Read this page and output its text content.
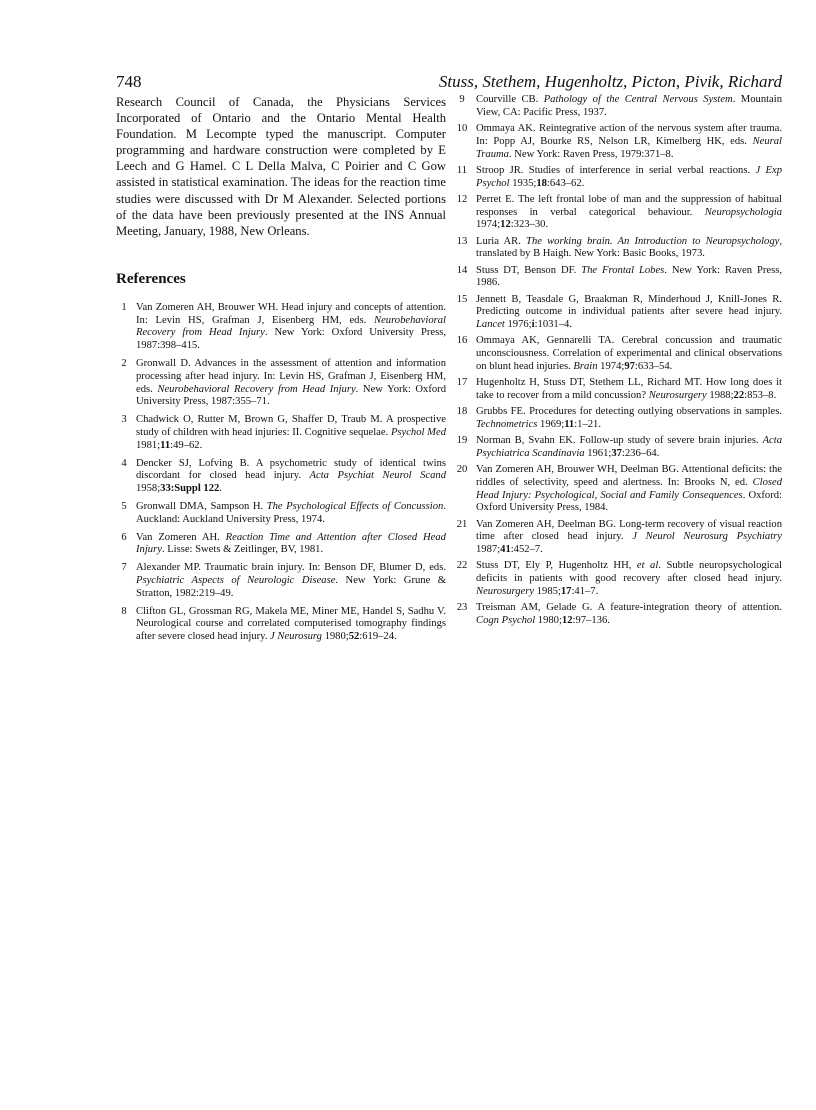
748	Stuss, Stethem, Hugenholtz, Picton, Pivik, Richard

Research Council of Canada, the Physicians Services Incorporated of Ontario and the Ontario Mental Health Foundation. M Lecompte typed the manuscript. Computer programming and hardware construction were completed by E Leech and G Hamel. C L Della Malva, C Poirier and C Gow assisted in statistical examination. The ideas for the reaction time studies were discussed with Dr M Alexander. Selected portions of the data have been previously presented at the INS Annual Meeting, January, 1988, New Orleans.

References
1 Van Zomeren AH, Brouwer WH. Head injury and concepts of attention. In: Levin HS, Grafman J, Eisenberg HM, eds. Neurobehavioral Recovery from Head Injury. New York: Oxford University Press, 1987:398–415.
2 Gronwall D. Advances in the assessment of attention and information processing after head injury. In: Levin HS, Grafman J, Eisenberg HM, eds. Neurobehavioral Recovery from Head Injury. New York: Oxford University Press, 1987:355–71.
3 Chadwick O, Rutter M, Brown G, Shaffer D, Traub M. A prospective study of children with head injuries: II. Cognitive sequelae. Psychol Med 1981;11:49–62.
4 Dencker SJ, Lofving B. A psychometric study of identical twins discordant for closed head injury. Acta Psychiat Neurol Scand 1958;33:Suppl 122.
5 Gronwall DMA, Sampson H. The Psychological Effects of Concussion. Auckland: Auckland University Press, 1974.
6 Van Zomeren AH. Reaction Time and Attention after Closed Head Injury. Lisse: Swets & Zeitlinger, BV, 1981.
7 Alexander MP. Traumatic brain injury. In: Benson DF, Blumer D, eds. Psychiatric Aspects of Neurologic Disease. New York: Grune & Stratton, 1982:219–49.
8 Clifton GL, Grossman RG, Makela ME, Miner ME, Handel S, Sadhu V. Neurological course and correlated computerised tomography findings after severe closed head injury. J Neurosurg 1980;52:619–24.
9	Courville CB. Pathology of the Central Nervous System. Mountain View, CA: Pacific Press, 1937.
10 Ommaya AK. Reintegrative action of the nervous system after trauma. In: Popp AJ, Bourke RS, Nelson LR, Kimelberg HK, eds. Neural Trauma. New York: Raven Press, 1979:371–8.
11 Stroop JR. Studies of interference in serial verbal reactions. J Exp Psychol 1935;18:643–62.
12 Perret E. The left frontal lobe of man and the suppression of habitual responses in verbal categorical behaviour. Neuropsychologia 1974;12:323–30.
13 Luria AR. The working brain. An Introduction to Neuropsychology, translated by B Haigh. New York: Basic Books, 1973.
14 Stuss DT, Benson DF. The Frontal Lobes. New York: Raven Press, 1986.
15 Jennett B, Teasdale G, Braakman R, Minderhoud J, Knill-Jones R. Predicting outcome in individual patients after severe head injury. Lancet 1976;i:1031–4.
16 Ommaya AK, Gennarelli TA. Cerebral concussion and traumatic unconsciousness. Correlation of experimental and clinical observations on blunt head injuries. Brain 1974;97:633–54.
17 Hugenholtz H, Stuss DT, Stethem LL, Richard MT. How long does it take to recover from a mild concussion? Neurosurgery 1988;22:853–8.
18 Grubbs FE. Procedures for detecting outlying observations in samples. Technometrics 1969;11:1–21.
19 Norman B, Svahn EK. Follow-up study of severe brain injuries. Acta Psychiatrica Scandinavia 1961;37:236–64.
20 Van Zomeren AH, Brouwer WH, Deelman BG. Attentional deficits: the riddles of selectivity, speed and alertness. In: Brooks N, ed. Closed Head Injury: Psychological, Social and Family Consequences. Oxford: Oxford University Press, 1984.
21 Van Zomeren AH, Deelman BG. Long-term recovery of visual reaction time after closed head injury. J Neurol Neurosurg Psychiatry 1987;41:452–7.
22 Stuss DT, Ely P, Hugenholtz HH, et al. Subtle neuropsychological deficits in patients with good recovery after closed head injury. Neurosurgery 1985;17:41–7.
23 Treisman AM, Gelade G. A feature-integration theory of attention. Cogn Psychol 1980;12:97–136.
